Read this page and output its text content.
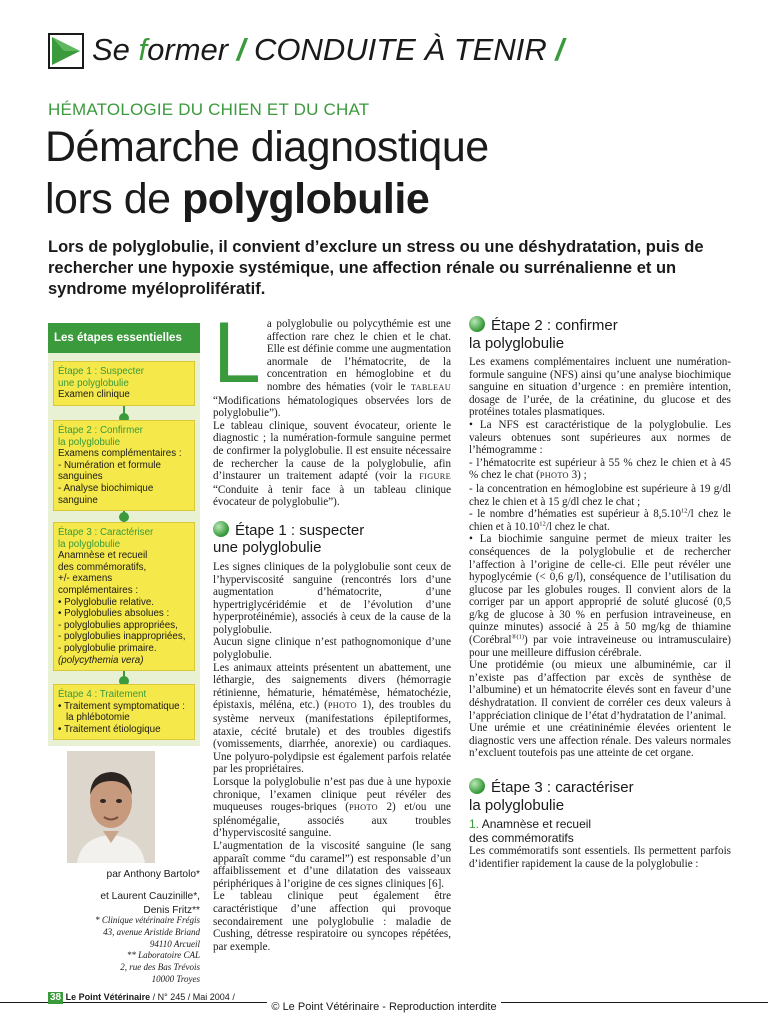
Se former / CONDUITE À TENIR /
HÉMATOLOGIE DU CHIEN ET DU CHAT
Démarche diagnostique
lors de polyglobulie
Lors de polyglobulie, il convient d’exclure un stress ou une déshydratation, puis de rechercher une hypoxie systémique, une affection rénale ou surrénalienne et un syndrome myéloprolifératif.
Les étapes essentielles
Étape 1 : Suspecter
une polyglobulie
Examen clinique
Étape 2 : Confirmer
la polyglobulie
Examens complémentaires :
- Numération et formule
sanguines
- Analyse biochimique
sanguine
Étape 3 : Caractériser
la polyglobulie
Anamnèse et recueil
des commémoratifs,
+/- examens
complémentaires :
• Polyglobulie relative.
• Polyglobulies absolues :
- polyglobulies appropriées,
- polyglobulies inappropriées,
- polyglobulie primaire.
(polycythemia vera)
Étape 4 : Traitement
• Traitement symptomatique :
la phlébotomie
• Traitement étiologique
par Anthony Bartolo*
et Laurent Cauzinille*,
Denis Fritz**
* Clinique vétérinaire Frégis
43, avenue Aristide Briand
94110 Arcueil
** Laboratoire CAL
2, rue des Bas Trévois
10000 Troyes

La polyglobulie ou polycythémie est une affection rare chez le chien et le chat. Elle est définie comme une augmentation anormale de l’hématocrite, de la concentration en hémoglobine et du nombre des hématies (voir le TABLEAU “Modifications hématologiques observées lors de polyglobulie”).

Le tableau clinique, souvent évocateur, oriente le diagnostic ; la numération-formule sanguine permet de confirmer la polyglobulie. Il est ensuite nécessaire de rechercher la cause de la polyglobulie, afin d’instaurer un traitement adapté (voir la FIGURE “Conduite à tenir face à un tableau clinique évocateur de polyglobulie”).

Étape 1 : suspecter
une polyglobulie

Les signes cliniques de la polyglobulie sont ceux de l’hyperviscosité sanguine (rencontrés lors d’une augmentation d’hématocrite, d’une hypertriglycéridémie et de l’évolution d’une hyperprotéinémie), associés à ceux de la cause de la polyglobulie.

Aucun signe clinique n’est pathognomonique d’une polyglobulie.

Les animaux atteints présentent un abattement, une léthargie, des saignements divers (hémorragie rétinienne, hématurie, hématémèse, hématochézie, épistaxis, méléna, etc.) (PHOTO 1), des troubles du système nerveux (manifestations épileptiformes, ataxie, cécité brutale) et des troubles digestifs (vomissements, diarrhée, anorexie) ou cardiaques. Une polyuro-polydipsie est également parfois relatée par les propriétaires.

Lorsque la polyglobulie n’est pas due à une hypoxie chronique, l’examen clinique peut révéler des muqueuses rouges-briques (PHOTO 2) et/ou une splénomégalie, associés aux troubles d’hyperviscosité sanguine.

L’augmentation de la viscosité sanguine (le sang apparaît comme “du caramel”) est responsable d’un affaiblissement et d’une dilatation des vaisseaux périphériques à l’origine de ces signes cliniques [6].

Le tableau clinique peut également être caractéristique d’une affection qui provoque secondairement une polyglobulie : maladie de Cushing, détresse respiratoire ou syncopes répétées, par exemple.

Étape 2 : confirmer
la polyglobulie

Les examens complémentaires incluent une numération-formule sanguine (NFS) ainsi qu’une analyse biochimique sanguine en situation d’urgence : en première intention, dosage de l’urée, de la créatinine, du glucose et des protéines totales plasmatiques.

• La NFS est caractéristique de la polyglobulie. Les valeurs obtenues sont supérieures aux normes de l’hémogramme :

- l’hématocrite est supérieur à 55 % chez le chien et à 45 % chez le chat (PHOTO 3) ;

- la concentration en hémoglobine est supérieure à 19 g/dl chez le chien et à 15 g/dl chez le chat ;

- le nombre d’hématies est supérieur à 8,5.10$^{12}$/l chez le chien et à 10.10$^{12}$/l chez le chat.

• La biochimie sanguine permet de mieux traiter les conséquences de la polyglobulie et de rechercher l’affection à l’origine de celle-ci. Elle peut révéler une hypoglycémie (< 0,6 g/l), conséquence de l’utilisation du glucose par les globules rouges. Il convient alors de la corriger par un apport approprié de soluté glucosé (0,5 g/kg de glucose à 30 % en perfusion intraveineuse, en quinze minutes) associé à 25 à 50 mg/kg de thiamine (Corébral$^{®(1)}$) par voie intraveineuse ou intramusculaire) pour une meilleure diffusion cérébrale.

Une protidémie (ou mieux une albuminémie, car il n’existe pas d’affection par excès de synthèse de l’albumine) et un hématocrite élevés sont en faveur d’une déshydratation. Il convient de corréler ces deux valeurs à l’appréciation clinique de l’état d’hydratation de l’animal.

Une urémie et une créatininémie élevées orientent le diagnostic vers une affection rénale. Des valeurs normales n’excluent toutefois pas une atteinte de cet organe.

Étape 3 : caractériser
la polyglobulie
1. Anamnèse et recueil
des commémoratifs

Les commémoratifs sont essentiels. Ils permettent parfois d’identifier rapidement la cause de la polyglobulie :

38 Le Point Vétérinaire / N° 245 / Mai 2004 /
© Le Point Vétérinaire - Reproduction interdite
